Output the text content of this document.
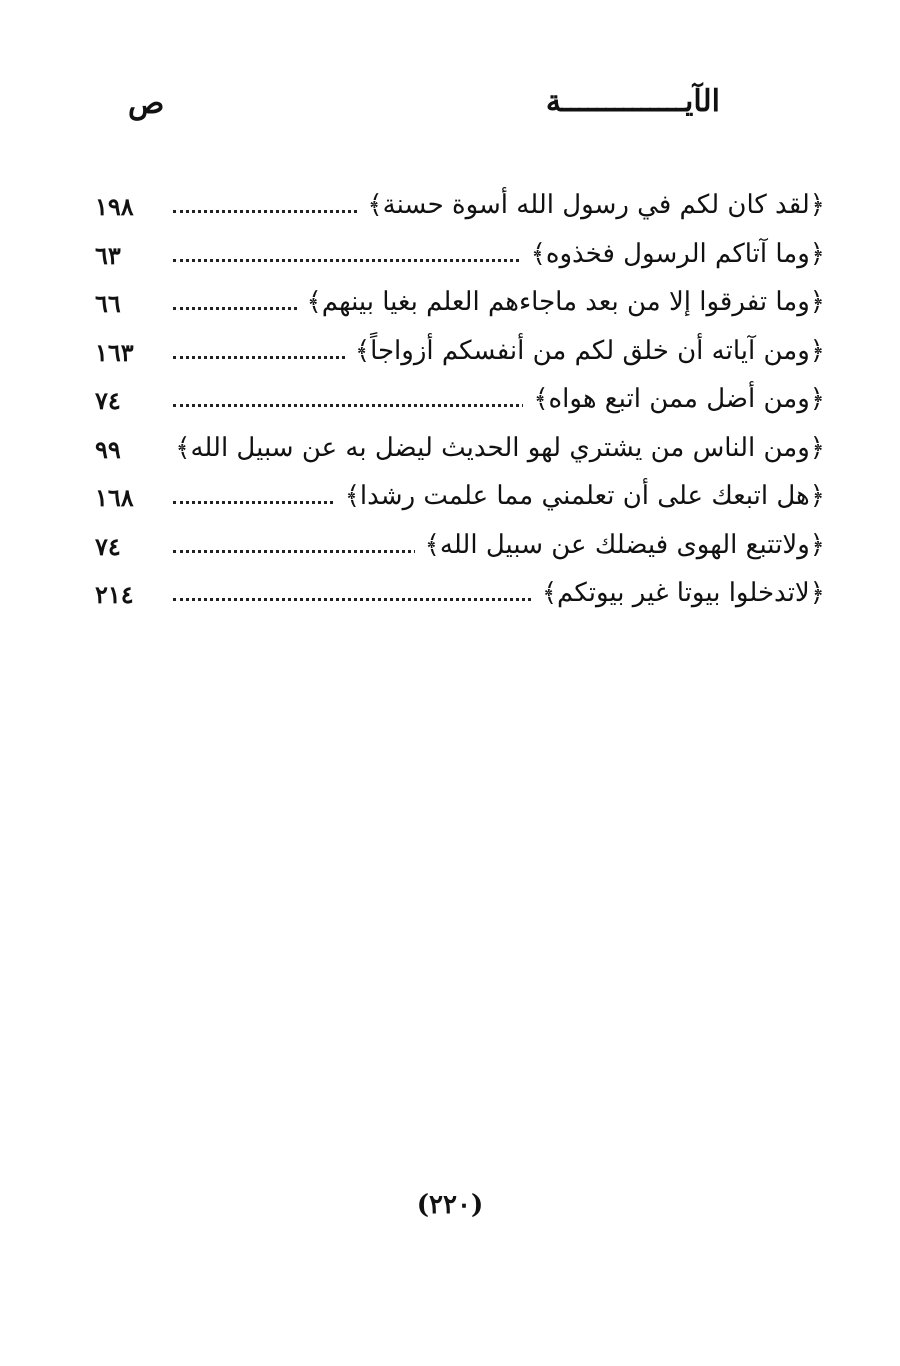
الآيــــــــــــــة
ص
﴿لقد كان لكم في رسول الله أسوة حسنة﴾
١٩٨
﴿وما آتاكم الرسول فخذوه﴾
٦٣
﴿وما تفرقوا إلا من بعد ماجاءهم العلم بغيا بينهم﴾
٦٦
﴿ومن آياته أن خلق لكم من أنفسكم أزواجاً﴾
١٦٣
﴿ومن أضل ممن اتبع هواه﴾
٧٤
﴿ومن الناس من يشتري لهو الحديث ليضل به عن سبيل الله﴾
٩٩
﴿هل اتبعك على أن تعلمني مما علمت رشدا﴾
١٦٨
﴿ولاتتبع الهوى فيضلك عن سبيل الله﴾
٧٤
﴿لاتدخلوا بيوتا غير بيوتكم﴾
٢١٤
(٢٢٠)
